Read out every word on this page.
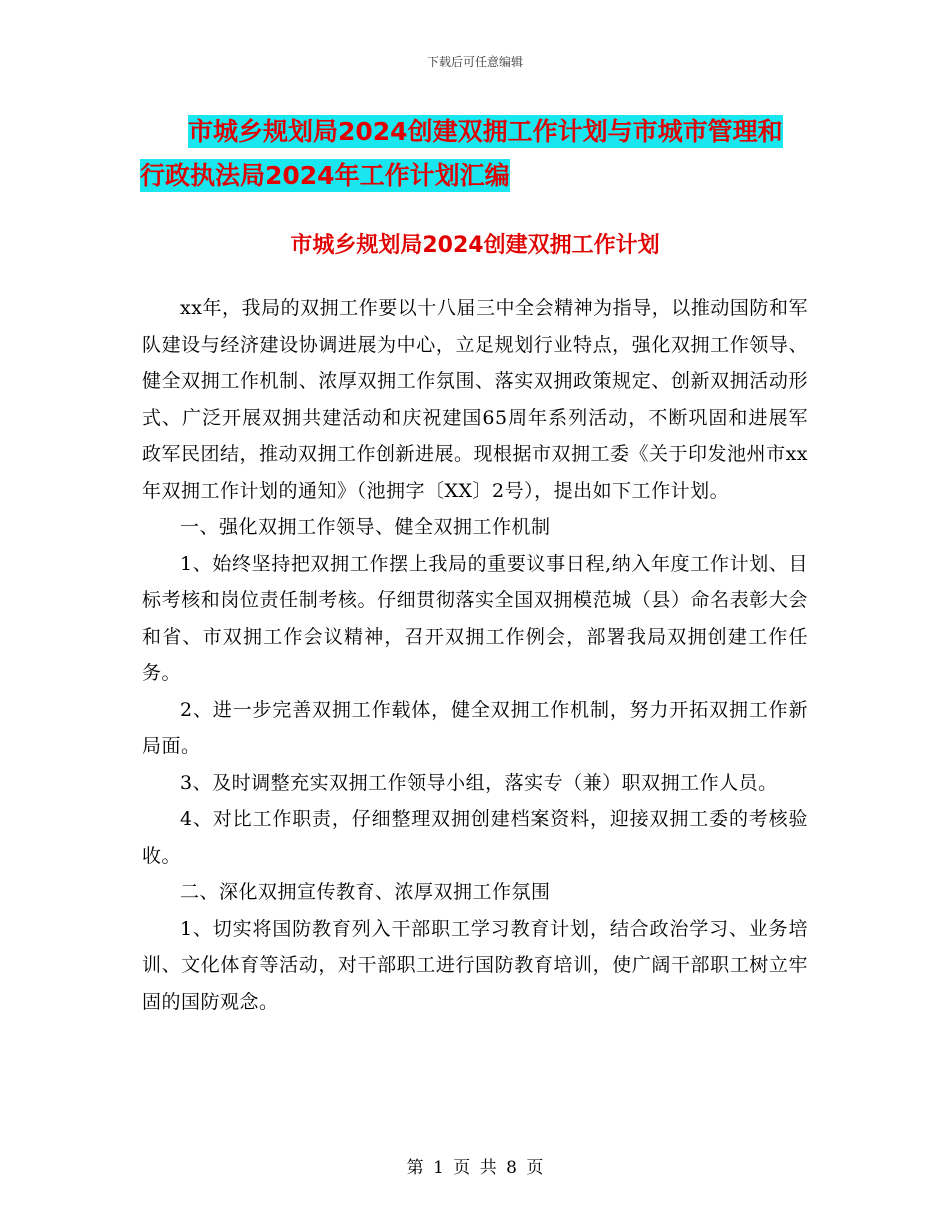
下载后可任意编辑
市城乡规划局2024创建双拥工作计划与市城市管理和
行政执法局2024年工作计划汇编
市城乡规划局2024创建双拥工作计划

xx年，我局的双拥工作要以十八届三中全会精神为指导，以推动国防和军队建设与经济建设协调进展为中心，立足规划行业特点，强化双拥工作领导、健全双拥工作机制、浓厚双拥工作氛围、落实双拥政策规定、创新双拥活动形式、广泛开展双拥共建活动和庆祝建国65周年系列活动，不断巩固和进展军政军民团结，推动双拥工作创新进展。现根据市双拥工委《关于印发池州市xx年双拥工作计划的通知》（池拥字〔XX〕2号），提出如下工作计划。

一、强化双拥工作领导、健全双拥工作机制

1、始终坚持把双拥工作摆上我局的重要议事日程,纳入年度工作计划、目标考核和岗位责任制考核。仔细贯彻落实全国双拥模范城（县）命名表彰大会和省、市双拥工作会议精神，召开双拥工作例会，部署我局双拥创建工作任务。

2、进一步完善双拥工作载体，健全双拥工作机制，努力开拓双拥工作新局面。

3、及时调整充实双拥工作领导小组，落实专（兼）职双拥工作人员。

4、对比工作职责，仔细整理双拥创建档案资料，迎接双拥工委的考核验收。

二、深化双拥宣传教育、浓厚双拥工作氛围

1、切实将国防教育列入干部职工学习教育计划，结合政治学习、业务培训、文化体育等活动，对干部职工进行国防教育培训，使广阔干部职工树立牢固的国防观念。

第 1 页 共 8 页
